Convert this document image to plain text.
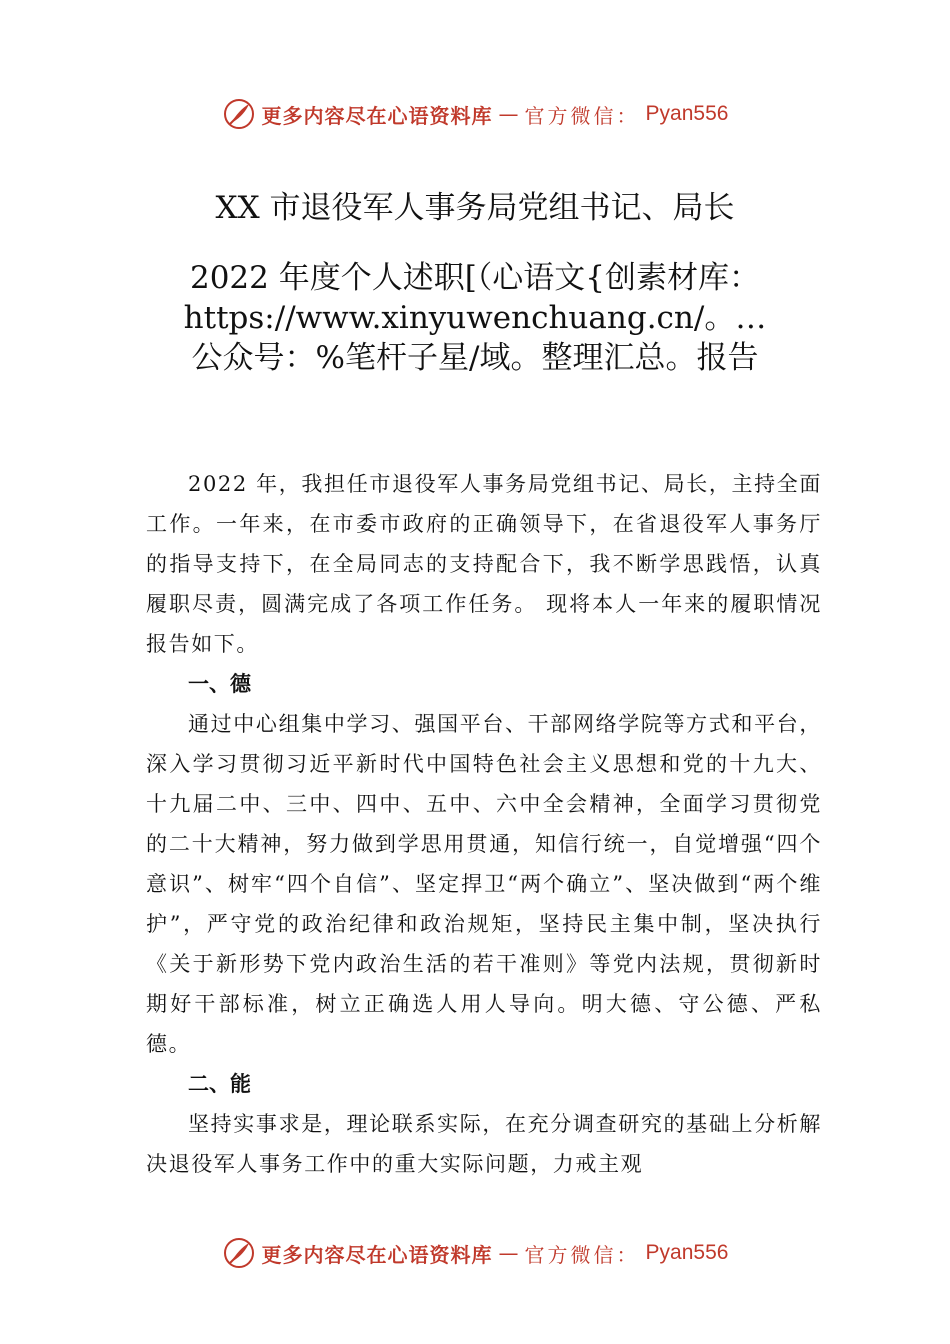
更多内容尽在心语资料库 — 官方微信： Pyan556
XX 市退役军人事务局党组书记、局长
2022 年度个人述职[（心语文{创素材库：https://www.xinyuwenchuang.cn/。…公众号：%笔杆子星/域。整理汇总。报告

2022 年，我担任市退役军人事务局党组书记、局长，主持全面工作。一年来，在市委市政府的正确领导下，在省退役军人事务厅的指导支持下，在全局同志的支持配合下，我不断学思践悟，认真履职尽责，圆满完成了各项工作任务。 现将本人一年来的履职情况报告如下。

一、德

通过中心组集中学习、强国平台、干部网络学院等方式和平台，深入学习贯彻习近平新时代中国特色社会主义思想和党的十九大、十九届二中、三中、四中、五中、六中全会精神，全面学习贯彻党的二十大精神，努力做到学思用贯通，知信行统一，自觉增强“四个意识”、树牢“四个自信”、坚定捍卫“两个确立”、坚决做到“两个维护”，严守党的政治纪律和政治规矩，坚持民主集中制，坚决执行《关于新形势下党内政治生活的若干准则》等党内法规，贯彻新时期好干部标准，树立正确选人用人导向。明大德、守公德、严私德。

二、能

坚持实事求是，理论联系实际，在充分调查研究的基础上分析解决退役军人事务工作中的重大实际问题，力戒主观

更多内容尽在心语资料库 — 官方微信： Pyan556
